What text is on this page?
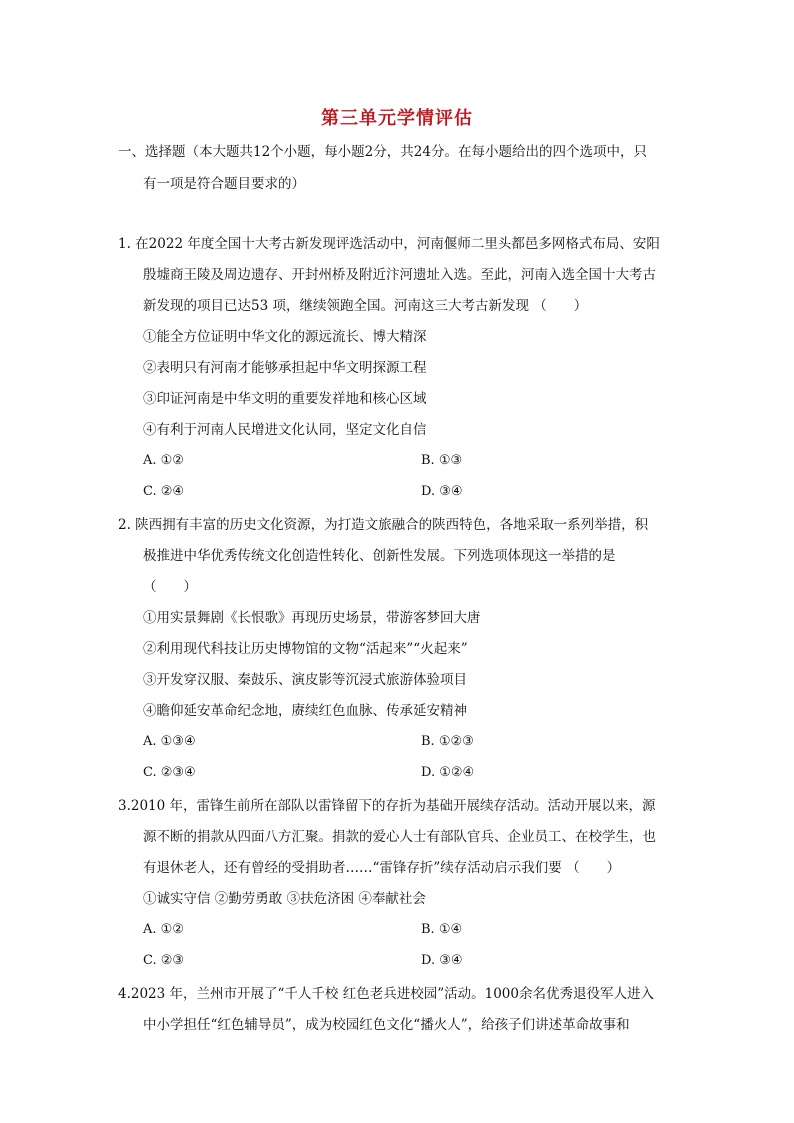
第三单元学情评估
一、选择题（本大题共12个小题，每小题2分，共24分。在每小题给出的四个选项中，只
有一项是符合题目要求的）
1. 在2022 年度全国十大考古新发现评选活动中，河南偃师二里头都邑多网格式布局、安阳
殷墟商王陵及周边遗存、开封州桥及附近汴河遗址入选。至此，河南入选全国十大考古
新发现的项目已达53 项，继续领跑全国。河南这三大考古新发现 （　　）
①能全方位证明中华文化的源远流长、博大精深
②表明只有河南才能够承担起中华文明探源工程
③印证河南是中华文明的重要发祥地和核心区域
④有利于河南人民增进文化认同，坚定文化自信
A. ①②	B. ①③
C. ②④	D. ③④
2. 陕西拥有丰富的历史文化资源，为打造文旅融合的陕西特色，各地采取一系列举措，积
极推进中华优秀传统文化创造性转化、创新性发展。下列选项体现这一举措的是
（　　）
①用实景舞剧《长恨歌》再现历史场景，带游客梦回大唐
②利用现代科技让历史博物馆的文物“活起来”“火起来”
③开发穿汉服、秦鼓乐、演皮影等沉浸式旅游体验项目
④瞻仰延安革命纪念地，赓续红色血脉、传承延安精神
A. ①③④	B. ①②③
C. ②③④	D. ①②④
3.2010 年，雷锋生前所在部队以雷锋留下的存折为基础开展续存活动。活动开展以来，源
源不断的捐款从四面八方汇聚。捐款的爱心人士有部队官兵、企业员工、在校学生，也
有退休老人，还有曾经的受捐助者……“雷锋存折”续存活动启示我们要 （　　）
①诚实守信 ②勤劳勇敢 ③扶危济困 ④奉献社会
A. ①②	B. ①④
C. ②③	D. ③④
4.2023 年，兰州市开展了“千人千校 红色老兵进校园”活动。1000余名优秀退役军人进入
中小学担任“红色辅导员”，成为校园红色文化“播火人”，给孩子们讲述革命故事和
